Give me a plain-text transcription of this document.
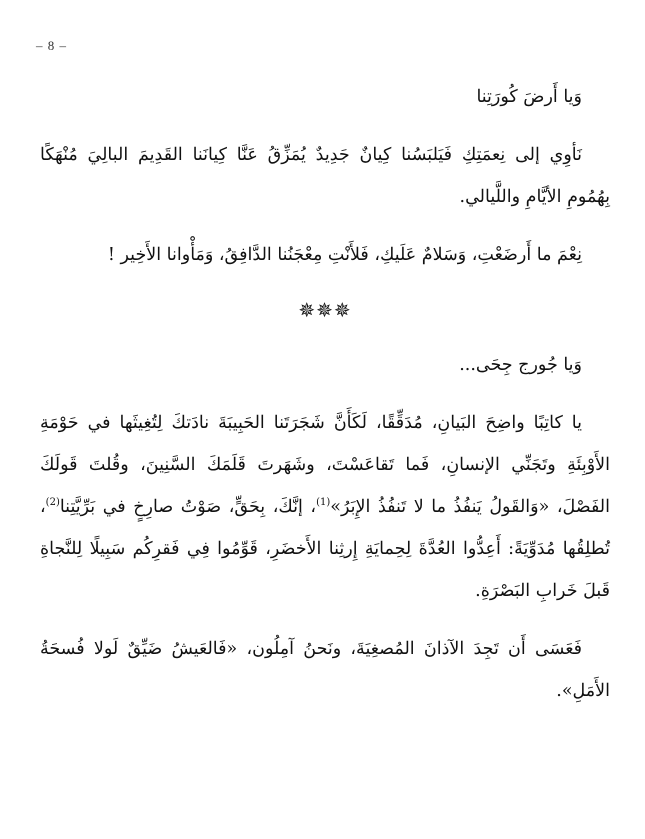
– 8 –

وَيا أَرضَ كُورَتِنا

نَأوِي إلى نِعمَتِكِ فَيَلبَسُنا كِيانٌ جَدِيدٌ يُمَزِّقُ عَنَّا كِيانَنا القَدِيمَ البالِيَ مُنْهَكًا بِهُمُومِ الأيَّامِ واللَّيالي.

نِعْمَ ما أَرضَعْتِ، وَسَلامٌ عَلَيكِ، فَلأَنْتِ مِعْجَنُنا الدَّافِقُ، وَمَأْوانا الأَخِير !

✵✵✵

وَيا جُورج جِحَى...

يا كاتِبًا واضِحَ البَيانِ، مُدَقِّقًا، لَكَأَنَّ شَجَرَتَنا الحَبِيبَةَ نادَتكَ لِتُغِيثَها في حَوْمَةِ الأَوْبِئَةِ وتَجَنِّي الإنسانِ، فَما تَقاعَسْتَ، وشَهَرتَ قَلَمَكَ السَّنِينَ، وقُلتَ قَولَكَ الفَصْلَ، «وَالقَولُ يَنفُذُ ما لا تَنفُذُ الإِبَرُ»$^{(1)}$، إنَّكَ، بِحَقٍّ، صَوْتُ صارِخٍ في بَرِّيَّتِنا$^{(2)}$، تُطلِقُها مُدَوِّيَةً: أَعِدُّوا العُدَّةَ لِحِمايَةِ إِرثِنا الأَخضَرِ، قَوِّمُوا فِي فَقرِكُم سَبِيلًا لِلنَّجاةِ قَبلَ خَرابِ البَصْرَةِ.

فَعَسَى أَن تَجِدَ الآذانَ المُصغِيَةَ، ونَحنُ آمِلُون، «فَالعَيشُ ضَيِّقٌ لَولا فُسحَةُ الأَمَلِ».
